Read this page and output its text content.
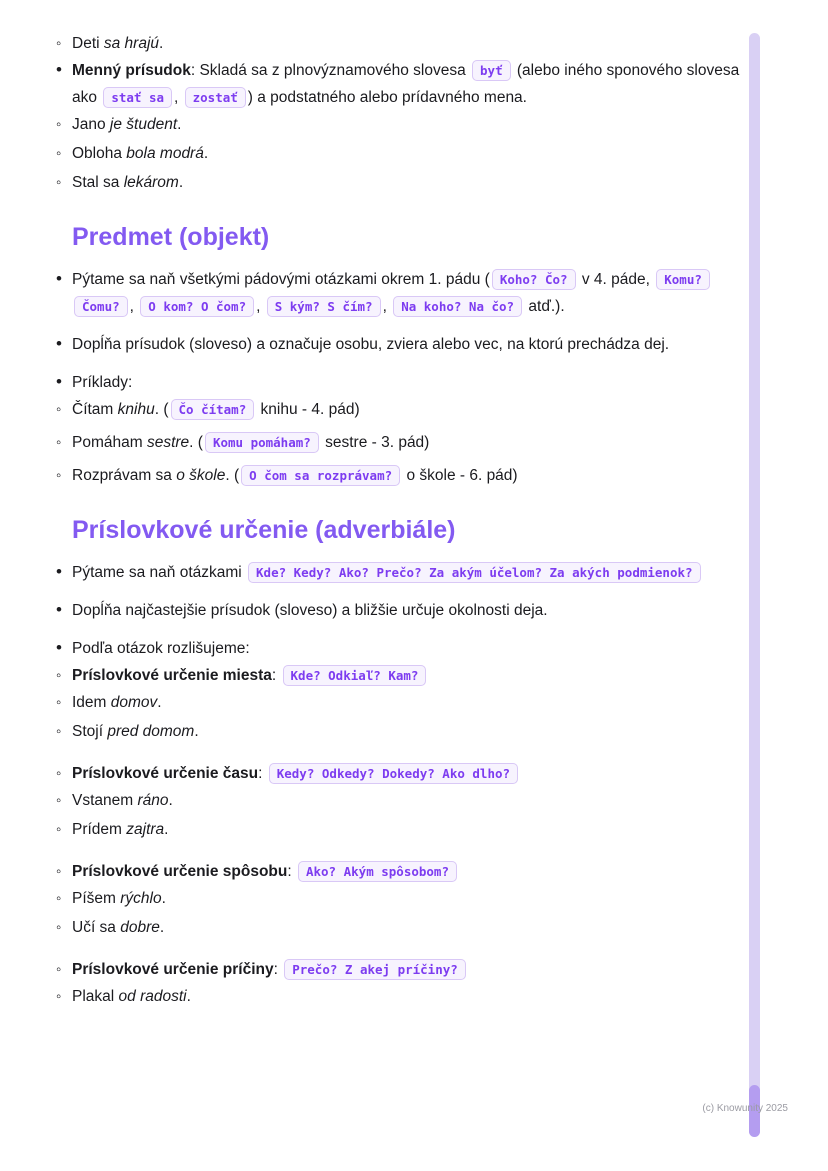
◦ Deti sa hrajú.
• Menný prísudok: Skladá sa z plnovýznamového slovesa byť (alebo iného sponového slovesa ako stať sa , zostať ) a podstatného alebo prídavného mena.
◦ Jano je študent.
◦ Obloha bola modrá.
◦ Stal sa lekárom.
Predmet (objekt)
• Pýtame sa naň všetkými pádovými otázkami okrem 1. pádu ( Koho? Čo? v 4. páde, Komu? Čomu? , O kom? O čom? , S kým? S čím? , Na koho? Na čo? atď.).
• Dopĺňa prísudok (sloveso) a označuje osobu, zviera alebo vec, na ktorú prechádza dej.
• Príklady:
◦ Čítam knihu. ( Čo čítam? knihu - 4. pád)
◦ Pomáham sestre. ( Komu pomáham? sestre - 3. pád)
◦ Rozprávam sa o škole. ( O čom sa rozprávam? o škole - 6. pád)
Príslovkové určenie (adverbiále)
• Pýtame sa naň otázkami Kde? Kedy? Ako? Prečo? Za akým účelom? Za akých podmienok?
• Dopĺňa najčastejšie prísudok (sloveso) a bližšie určuje okolnosti deja.
• Podľa otázok rozlišujeme:
◦ Príslovkové určenie miesta: Kde? Odkiaľ? Kam?
◦ Idem domov.
◦ Stojí pred domom.
◦ Príslovkové určenie času: Kedy? Odkedy? Dokedy? Ako dlho?
◦ Vstanem ráno.
◦ Prídem zajtra.
◦ Príslovkové určenie spôsobu: Ako? Akým spôsobom?
◦ Píšem rýchlo.
◦ Učí sa dobre.
◦ Príslovkové určenie príčiny: Prečo? Z akej príčiny?
◦ Plakal od radosti.
(c) Knowunity 2025
